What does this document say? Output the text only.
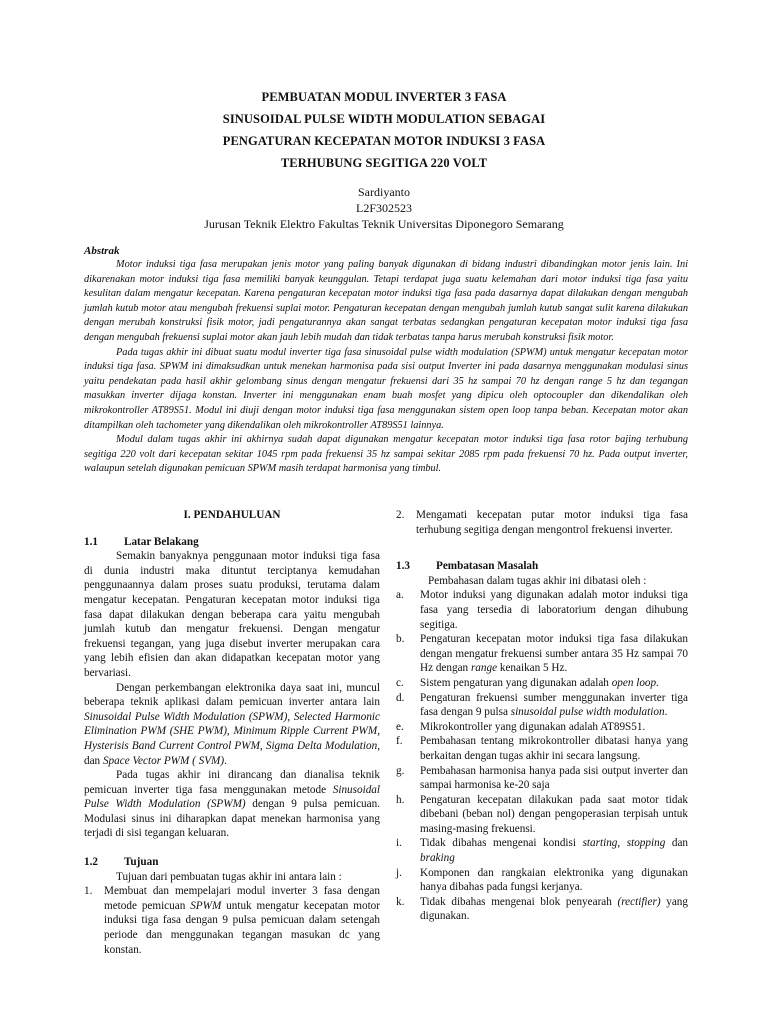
PEMBUATAN MODUL INVERTER 3 FASA
SINUSOIDAL PULSE WIDTH MODULATION SEBAGAI
PENGATURAN KECEPATAN MOTOR INDUKSI 3 FASA
TERHUBUNG SEGITIGA 220 VOLT
Sardiyanto
L2F302523
Jurusan Teknik Elektro Fakultas Teknik Universitas Diponegoro Semarang
Abstrak

Motor induksi tiga fasa merupakan jenis motor yang paling banyak digunakan di bidang industri dibandingkan motor jenis lain. Ini dikarenakan motor induksi tiga fasa memiliki banyak keunggulan. Tetapi terdapat juga suatu kelemahan dari motor induksi tiga fasa yaitu kesulitan dalam mengatur kecepatan. Karena pengaturan kecepatan motor induksi tiga fasa pada dasarnya dapat dilakukan dengan mengubah jumlah kutub motor atau mengubah frekuensi suplai motor. Pengaturan kecepatan dengan mengubah jumlah kutub sangat sulit karena dilakukan dengan merubah konstruksi fisik motor, jadi pengaturannya akan sangat terbatas sedangkan pengaturan kecepatan motor induksi tiga fasa dengan mengubah frekuensi suplai motor akan jauh lebih mudah dan tidak terbatas tanpa harus merubah konstruksi fisik motor.

Pada tugas akhir ini dibuat suatu modul inverter tiga fasa sinusoidal pulse width modulation (SPWM) untuk mengatur kecepatan motor induksi tiga fasa. SPWM ini dimaksudkan untuk menekan harmonisa pada sisi output Inverter ini pada dasarnya menggunakan modulasi sinus yaitu pendekatan pada hasil akhir gelombang sinus dengan mengatur frekuensi dari 35 hz sampai 70 hz dengan range 5 hz dan tegangan masukkan inverter dijaga konstan. Inverter ini menggunakan enam buah mosfet yang dipicu oleh optocoupler dan dikendalikan oleh mikrokontroller AT89S51. Modul ini diuji dengan motor induksi tiga fasa menggunakan sistem open loop tanpa beban. Kecepatan motor akan ditampilkan oleh tachometer yang dikendalikan oleh mikrokontroller AT89S51 lainnya.

Modul dalam tugas akhir ini akhirnya sudah dapat digunakan mengatur kecepatan motor induksi tiga fasa rotor bajing terhubung segitiga 220 volt dari kecepatan sekitar 1045 rpm pada frekuensi 35 hz sampai sekitar 2085 rpm pada frekuensi 70 hz. Pada output inverter, walaupun setelah digunakan pemicuan SPWM masih terdapat harmonisa yang timbul.

I. PENDAHULUAN
1.1	Latar Belakang

Semakin banyaknya penggunaan motor induksi tiga fasa di dunia industri maka dituntut terciptanya kemudahan penggunaannya dalam proses suatu produksi, terutama dalam mengatur kecepatan. Pengaturan kecepatan motor induksi tiga fasa dapat dilakukan dengan beberapa cara yaitu mengubah jumlah kutub dan mengatur frekuensi. Dengan mengatur frekuensi tegangan, yang juga disebut inverter merupakan cara yang lebih efisien dan akan didapatkan kecepatan motor yang bervariasi.

Dengan perkembangan elektronika daya saat ini, muncul beberapa teknik aplikasi dalam pemicuan inverter antara lain Sinusoidal Pulse Width Modulation (SPWM), Selected Harmonic Elimination PWM (SHE PWM), Minimum Ripple Current PWM, Hysterisis Band Current Control PWM, Sigma Delta Modulation, dan Space Vector PWM ( SVM).

Pada tugas akhir ini dirancang dan dianalisa teknik pemicuan inverter tiga fasa menggunakan metode Sinusoidal Pulse Width Modulation (SPWM) dengan 9 pulsa pemicuan. Modulasi sinus ini diharapkan dapat menekan harmonisa yang terjadi di sisi tegangan keluaran.

1.2	Tujuan

Tujuan dari pembuatan tugas akhir ini antara lain :

1.	Membuat dan mempelajari modul inverter 3 fasa dengan metode pemicuan SPWM untuk mengatur kecepatan motor induksi tiga fasa dengan 9 pulsa pemicuan dalam setengah periode dan menggunakan tegangan masukan dc yang konstan.
2.	Mengamati kecepatan putar motor induksi tiga fasa terhubung segitiga dengan mengontrol frekuensi inverter.
1.3	Pembatasan Masalah

Pembahasan dalam tugas akhir ini dibatasi oleh :

a.	Motor induksi yang digunakan adalah motor induksi tiga fasa yang tersedia di laboratorium dengan dihubung segitiga.
b.	Pengaturan kecepatan motor induksi tiga fasa dilakukan dengan mengatur frekuensi sumber antara 35 Hz sampai 70 Hz dengan range kenaikan 5 Hz.
c.	Sistem pengaturan yang digunakan adalah open loop.
d.	Pengaturan frekuensi sumber menggunakan inverter tiga fasa dengan 9 pulsa sinusoidal pulse width modulation.
e.	Mikrokontroller yang digunakan adalah AT89S51.
f.	Pembahasan tentang mikrokontroller dibatasi hanya yang berkaitan dengan tugas akhir ini secara langsung.
g.	Pembahasan harmonisa hanya pada sisi output inverter dan sampai harmonisa ke-20 saja
h.	Pengaturan kecepatan dilakukan pada saat motor tidak dibebani (beban nol) dengan pengoperasian terpisah untuk masing-masing frekuensi.
i.	Tidak dibahas mengenai kondisi starting, stopping dan braking
j.	Komponen dan rangkaian elektronika yang digunakan hanya dibahas pada fungsi kerjanya.
k.	Tidak dibahas mengenai blok penyearah (rectifier) yang digunakan.
